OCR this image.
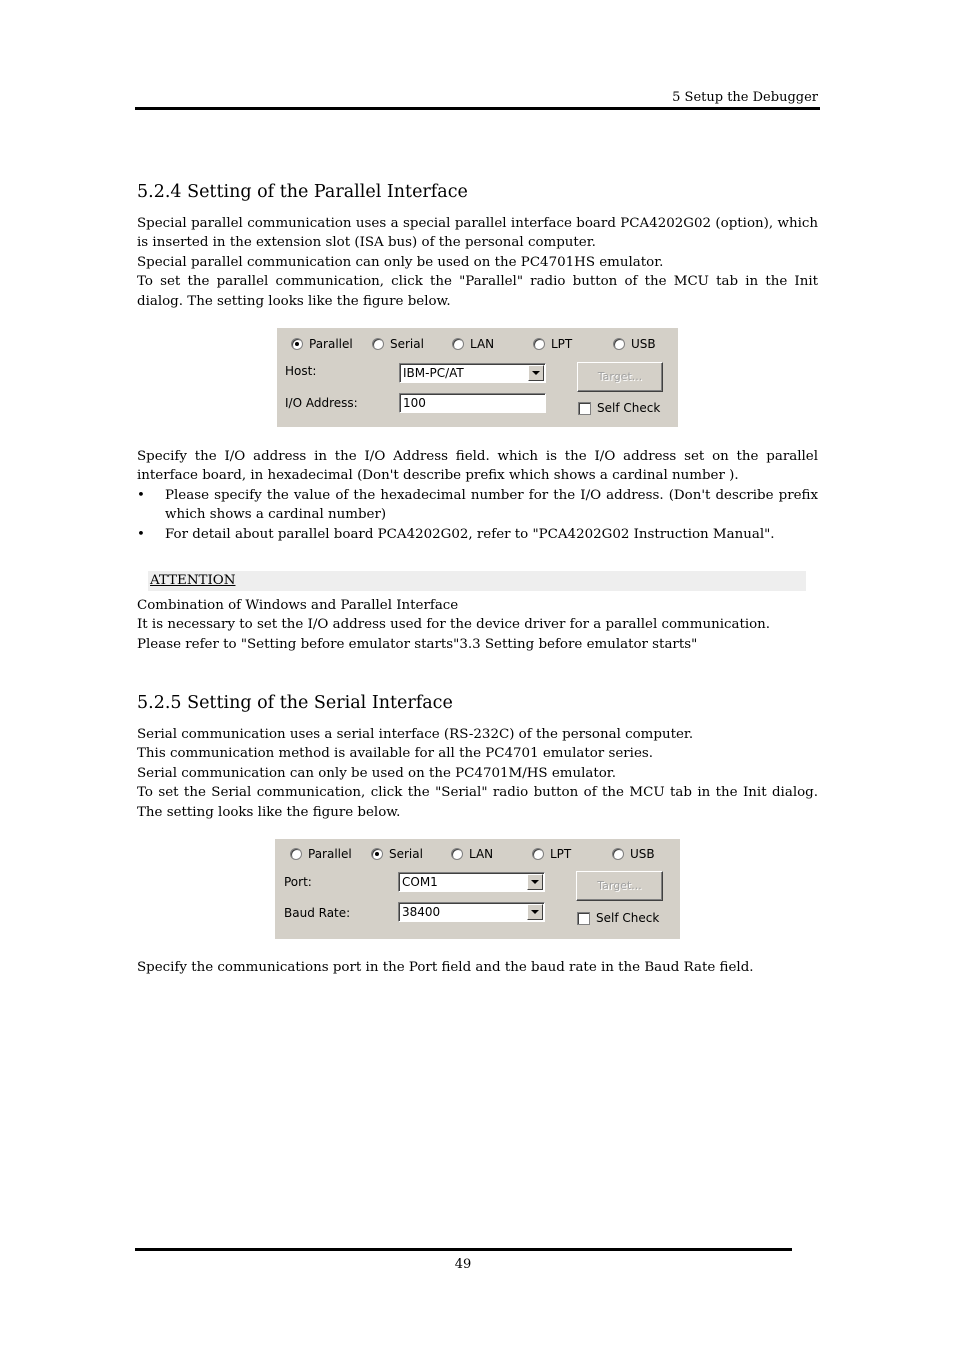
5 Setup the Debugger
5.2.4 Setting of the Parallel Interface

Special parallel communication uses a special parallel interface board PCA4202G02 (option), which is inserted in the extension slot (ISA bus) of the personal computer.

Special parallel communication can only be used on the PC4701HS emulator.

To set the parallel communication, click the "Parallel" radio button of the MCU tab in the Init dialog. The setting looks like the figure below.

Parallel	Serial	LAN	LPT	USB
Host:	IBM-PC/AT
I/O Address:	100
Target...
Self Check
Specify the I/O address in the I/O Address field. which is the I/O address set on the parallel interface board, in hexadecimal (Don't describe prefix which shows a cardinal number ).
• Please specify the value of the hexadecimal number for the I/O address. (Don't describe prefix which shows a cardinal number)
• For detail about parallel board PCA4202G02, refer to "PCA4202G02 Instruction Manual".
ATTENTION

Combination of Windows and Parallel Interface

It is necessary to set the I/O address used for the device driver for a parallel communication.

Please refer to "Setting before emulator starts"3.3 Setting before emulator starts"

5.2.5 Setting of the Serial Interface

Serial communication uses a serial interface (RS-232C) of the personal computer.

This communication method is available for all the PC4701 emulator series.

Serial communication can only be used on the PC4701M/HS emulator.

To set the Serial communication, click the "Serial" radio button of the MCU tab in the Init dialog. The setting looks like the figure below.

Parallel	Serial	LAN	LPT	USB
Port:	COM1
Baud Rate:	38400
Target...
Self Check
Specify the communications port in the Port field and the baud rate in the Baud Rate field.
49
